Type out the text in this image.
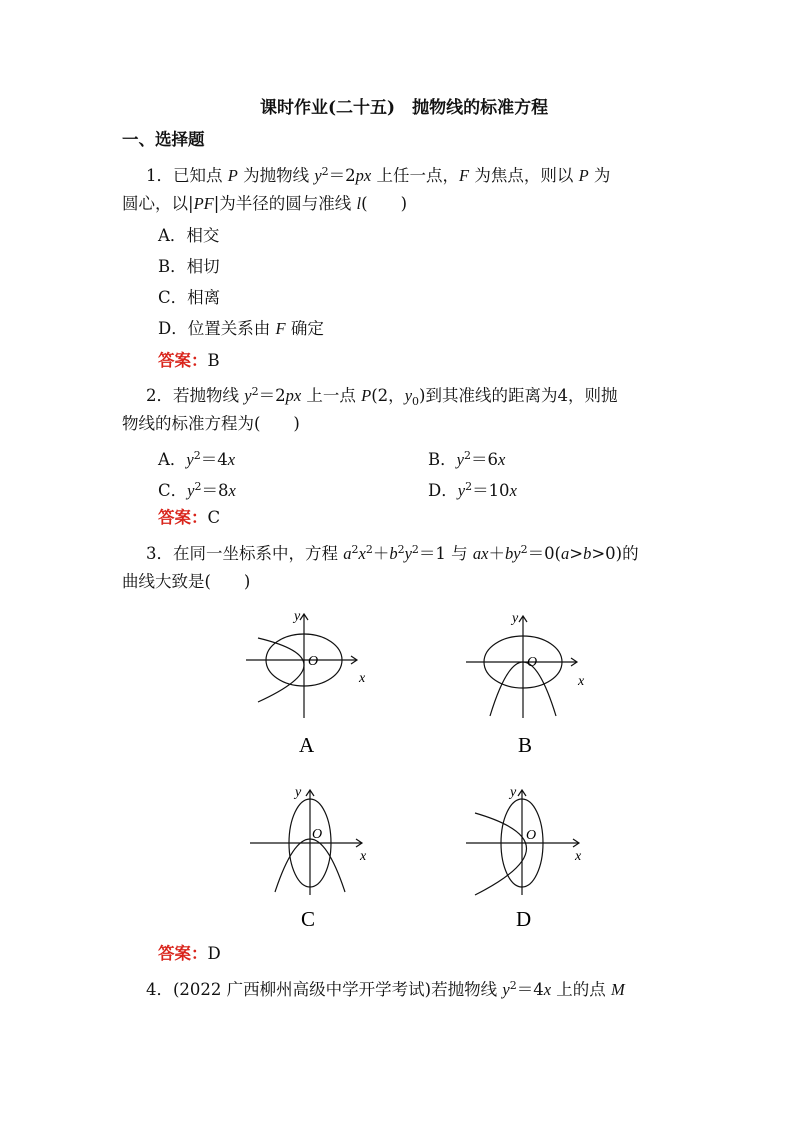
课时作业(二十五)　抛物线的标准方程
一、选择题
1．已知点 P 为抛物线 $y^2=2px$ 上任一点，F 为焦点，则以 P 为
圆心，以|PF|为半径的圆与准线 l(　　)
A．相交
B．相切
C．相离
D．位置关系由 F 确定
答案：B
2．若抛物线 $y^2=2px$ 上一点 P(2，$y_0$)到其准线的距离为4，则抛
物线的标准方程为(　　)
A．$y^2=4x$	B．$y^2=6x$
C．$y^2=8x$	D．$y^2=10x$
答案：C
3．在同一坐标系中，方程 $a^2x^2+b^2y^2=1$ 与 $ax+by^2=0(a>b>0)$的
曲线大致是(　　)
y
O
x
A
y
O
x
B
y
O
x
C
y
O
x
D
答案：D
4．(2022 广西柳州高级中学开学考试)若抛物线 $y^2=4x$ 上的点 M
